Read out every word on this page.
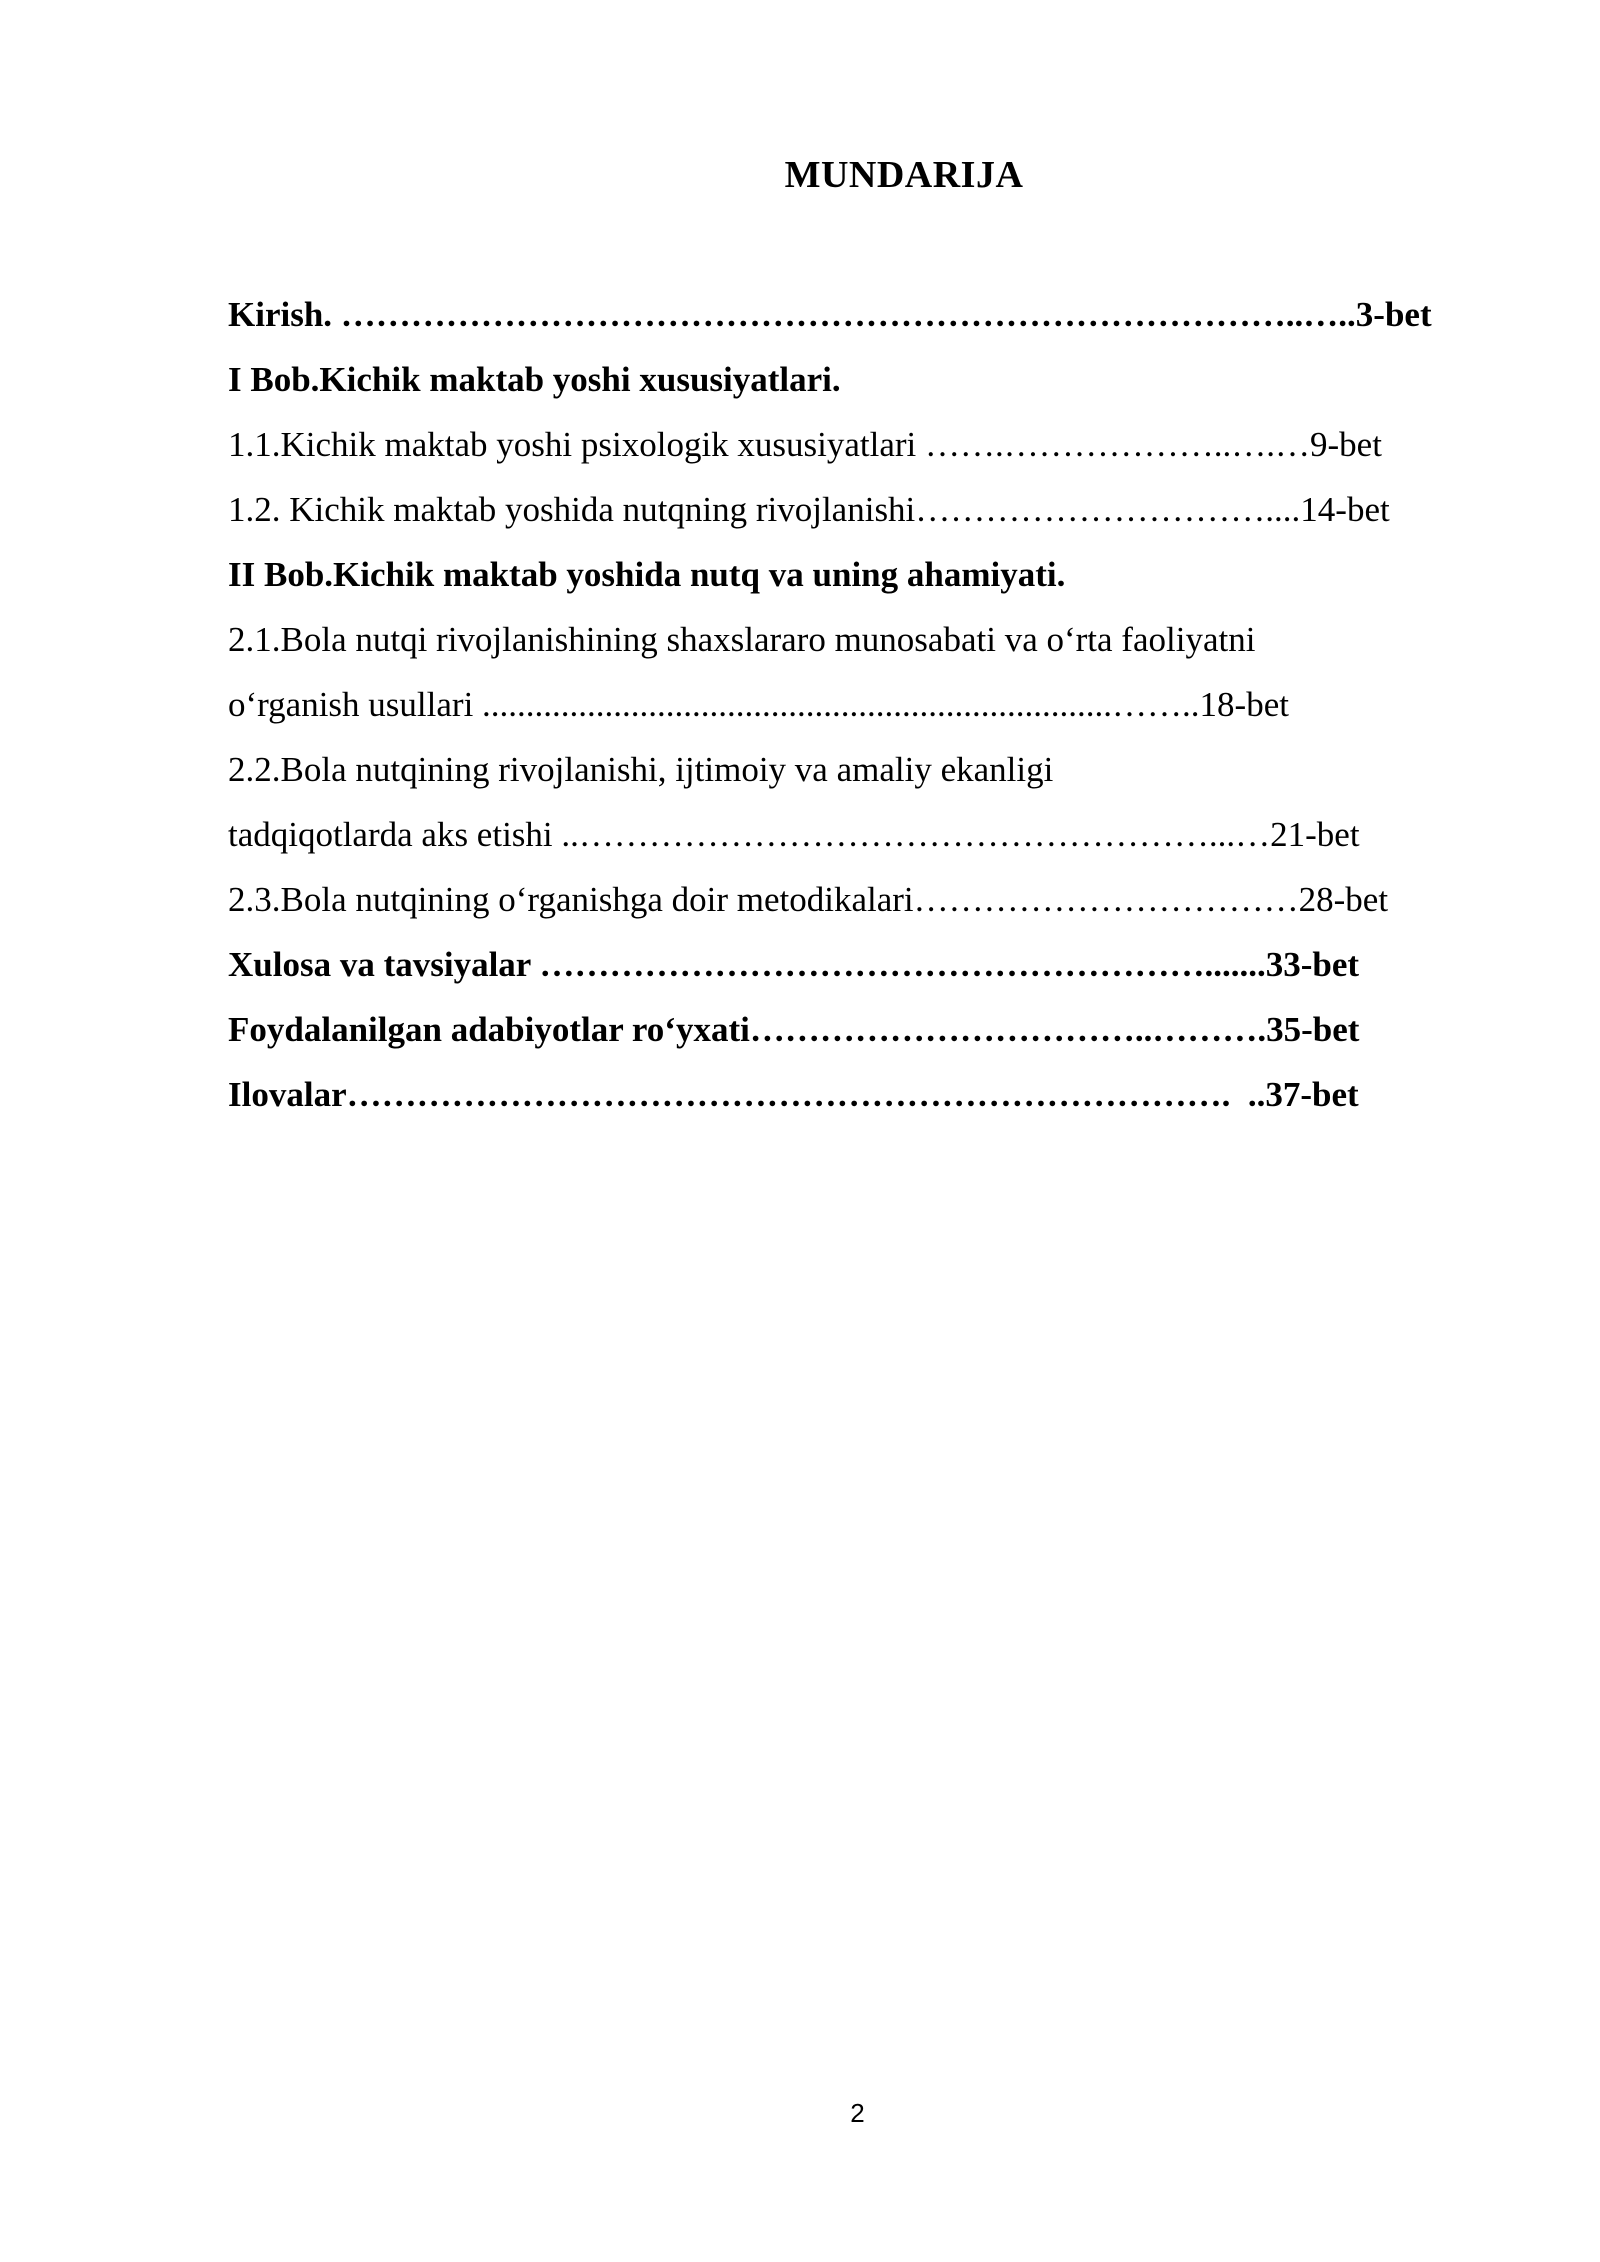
MUNDARIJA
Kirish. ………………………………………………………………………..…..3-bet
I Bob.Kichik maktab yoshi xususiyatlari.
1.1.Kichik maktab yoshi psixologik xususiyatlari …….………………..….…9-bet
1.2. Kichik maktab yoshida nutqning rivojlanishi…………………………....14-bet
II Bob.Kichik maktab yoshida nutq va uning ahamiyati.
2.1.Bola nutqi rivojlanishining shaxslararo munosabati va oʻrta faoliyatni
oʻrganish usullari ........................................................................……..18-bet
2.2.Bola nutqining rivojlanishi, ijtimoiy va amaliy ekanligi
tadqiqotlarda aks etishi ..………………………………………………...…21-bet
2.3.Bola nutqining oʻrganishga doir metodikalari……………………………28-bet
Xulosa va tavsiyalar ………………………………………………….......33-bet
Foydalanilgan adabiyotlar roʻyxati……………………………..……….35-bet
Ilovalar………………………………………………………………….  ..37-bet
2
